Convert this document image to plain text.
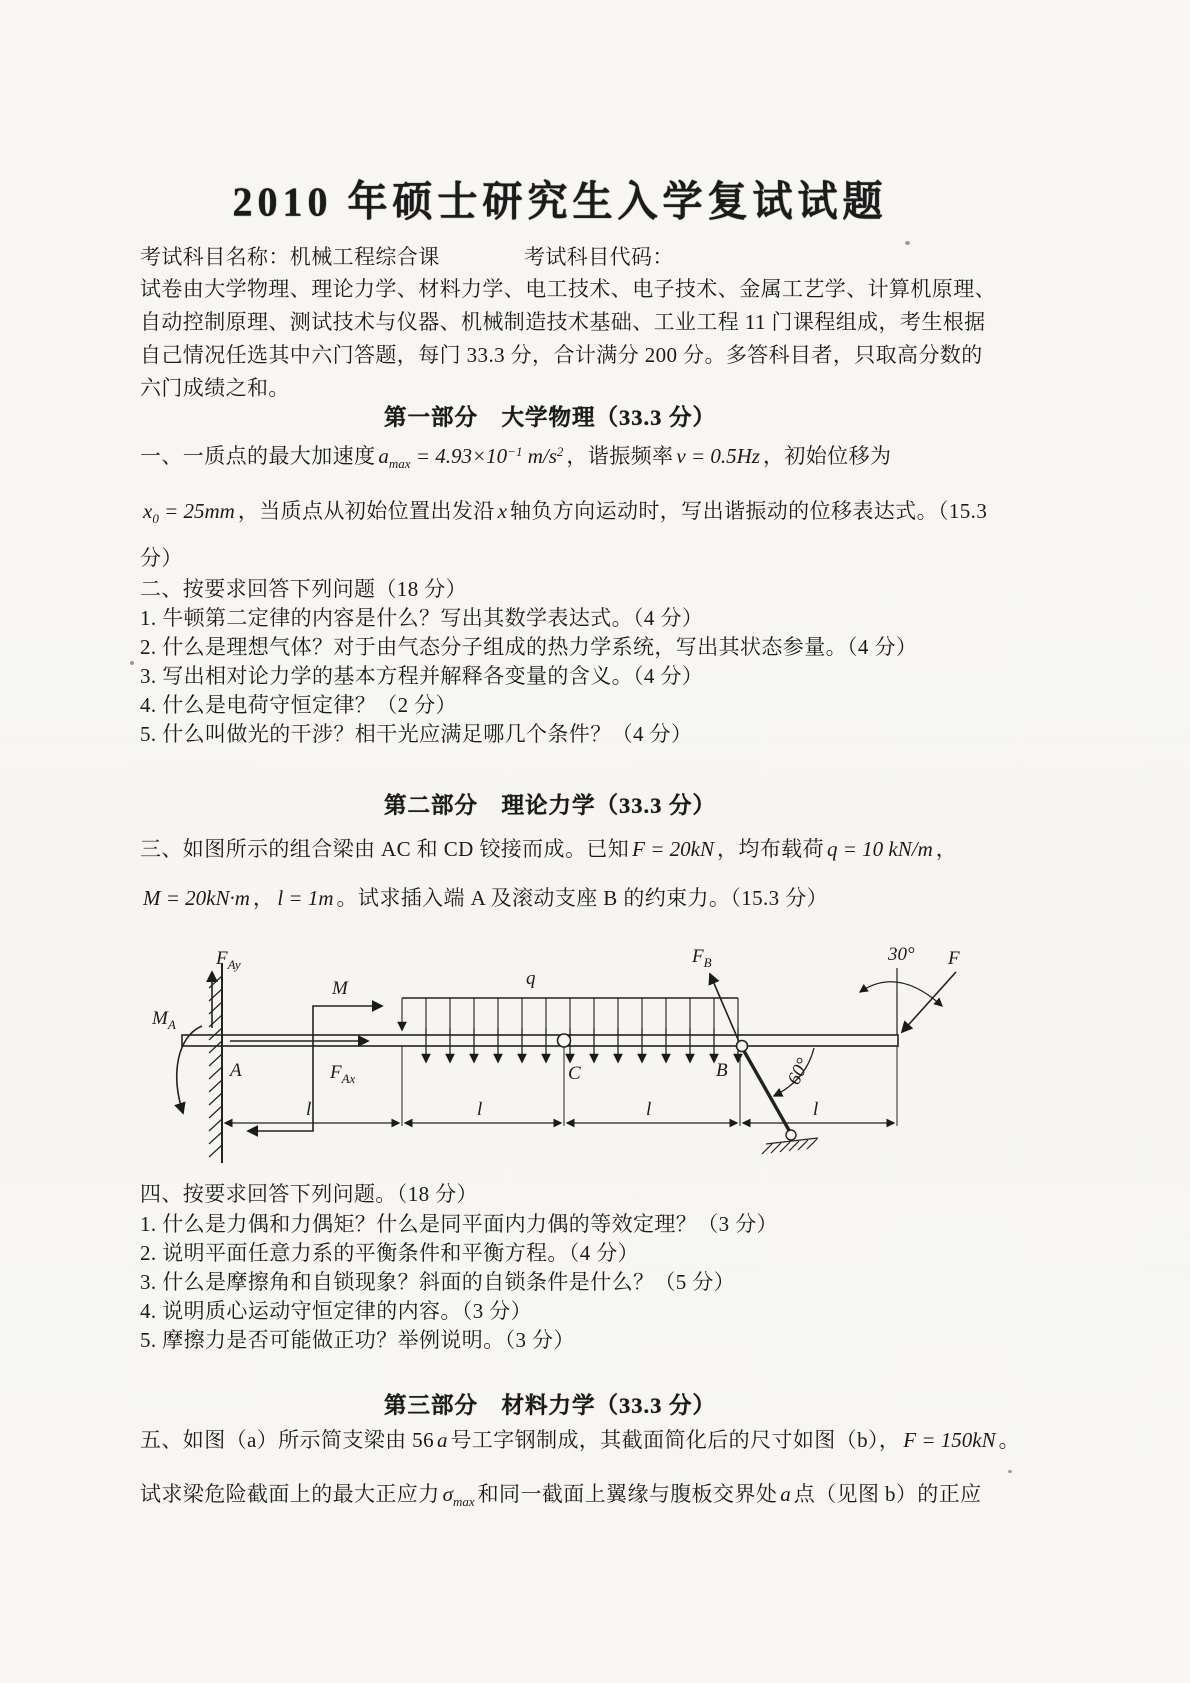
2010 年硕士研究生入学复试试题
考试科目名称：机械工程综合课	考试科目代码：
试卷由大学物理、理论力学、材料力学、电工技术、电子技术、金属工艺学、计算机原理、
自动控制原理、测试技术与仪器、机械制造技术基础、工业工程 11 门课程组成，考生根据
自己情况任选其中六门答题，每门 33.3 分，合计满分 200 分。多答科目者，只取高分数的
六门成绩之和。
第一部分　大学物理（33.3 分）
一、一质点的最大加速度 $a_{max} = 4.93\times 10^{-1}$ $m/s^2$ ，谐振频率 v = 0.5Hz ，初始位移为
$x_0 = 25mm$ ，当质点从初始位置出发沿 x 轴负方向运动时，写出谐振动的位移表达式。（15.3
分）
二、按要求回答下列问题（18 分）
1. 牛顿第二定律的内容是什么？写出其数学表达式。（4 分）
2. 什么是理想气体？对于由气态分子组成的热力学系统，写出其状态参量。（4 分）
3. 写出相对论力学的基本方程并解释各变量的含义。（4 分）
4. 什么是电荷守恒定律？（2 分）
5. 什么叫做光的干涉？相干光应满足哪几个条件？（4 分）
第二部分　理论力学（33.3 分）
三、如图所示的组合梁由 AC 和 CD 铰接而成。已知 F = 20kN ，均布载荷 q = 10 kN/m ，
M = 20kN·m ， l = 1m 。试求插入端 A 及滚动支座 B 的约束力。（15.3 分）
$F_{Ay}$
$M_A$
M
$F_{Ax}$
A
q
C	B
$F_B$
60°
30° F
l	l	l	l
四、按要求回答下列问题。（18 分）
1. 什么是力偶和力偶矩？什么是同平面内力偶的等效定理？（3 分）
2. 说明平面任意力系的平衡条件和平衡方程。（4 分）
3. 什么是摩擦角和自锁现象？斜面的自锁条件是什么？（5 分）
4. 说明质心运动守恒定律的内容。（3 分）
5. 摩擦力是否可能做正功？举例说明。（3 分）
第三部分　材料力学（33.3 分）
五、如图（a）所示简支梁由 56 a 号工字钢制成，其截面简化后的尺寸如图（b）， F = 150kN 。
试求梁危险截面上的最大正应力 $\sigma_{max}$ 和同一截面上翼缘与腹板交界处 a 点（见图 b）的正应
